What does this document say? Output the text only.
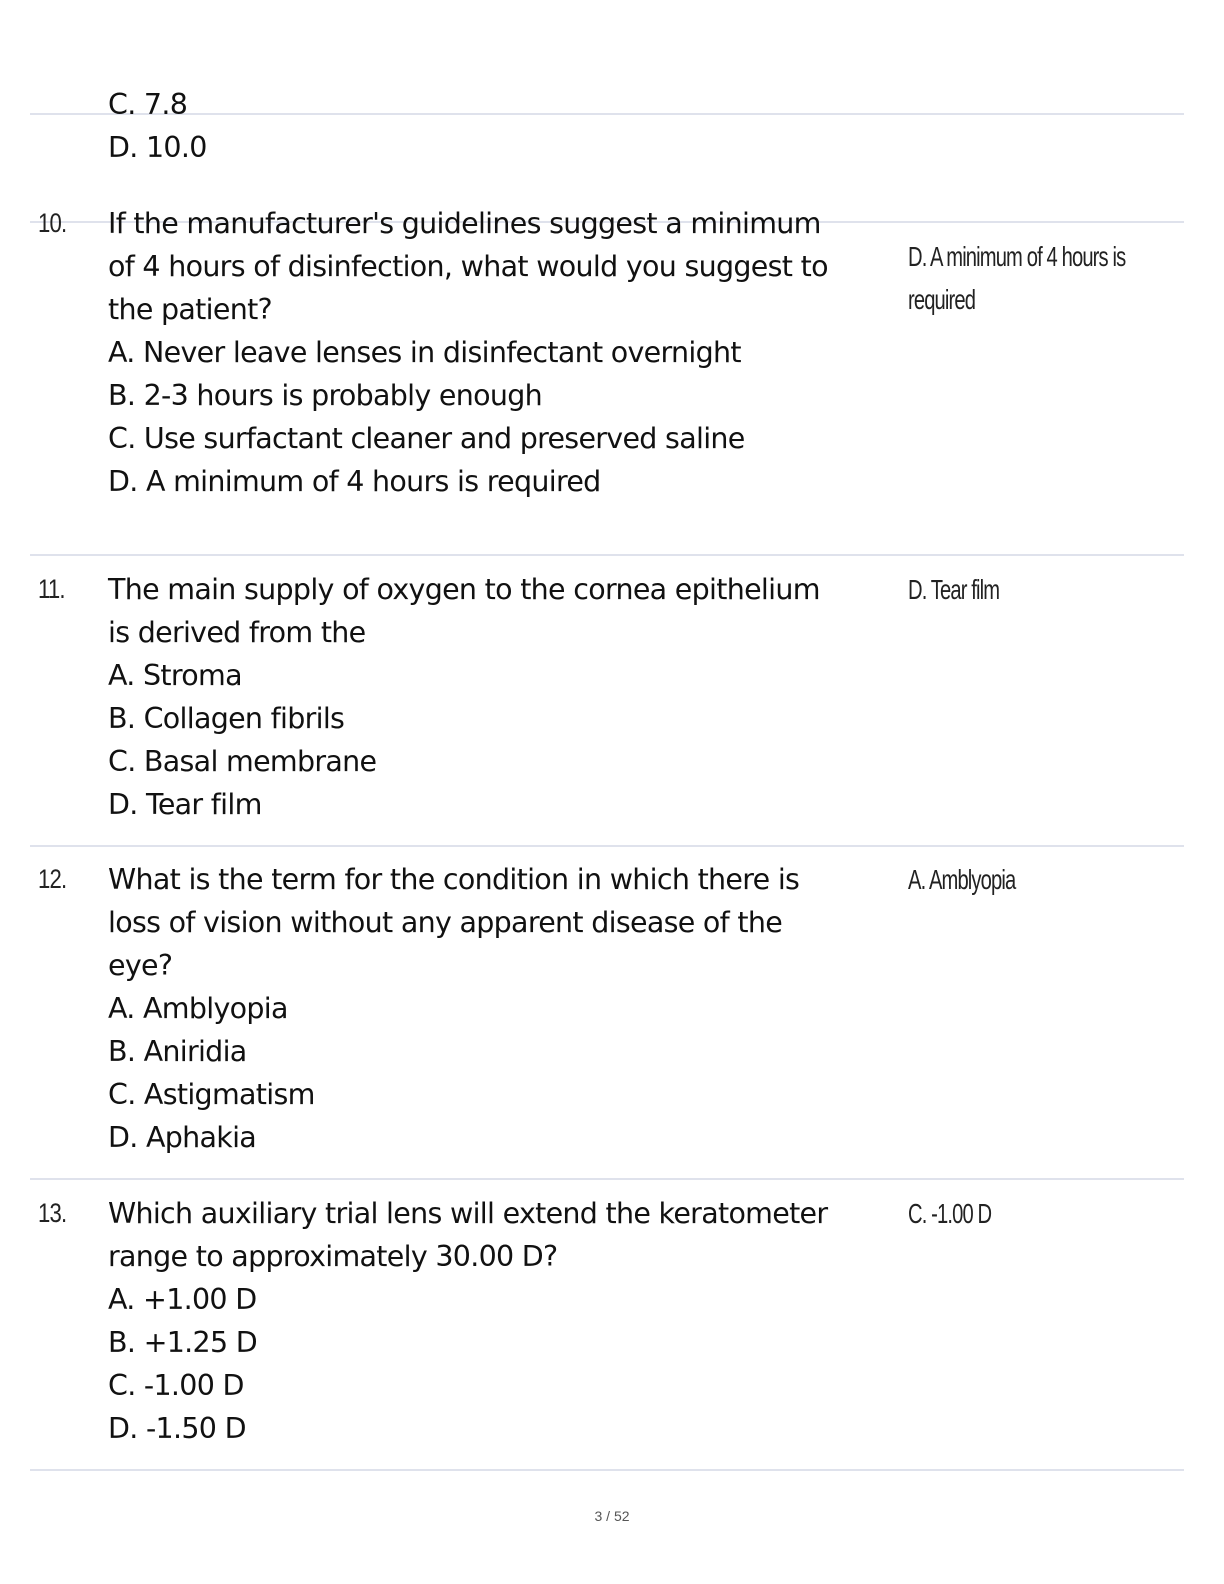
C. 7.8
D. 10.0
10. If the manufacturer's guidelines suggest a minimum
of 4 hours of disinfection, what would you suggest to
the patient?
A. Never leave lenses in disinfectant overnight
B. 2-3 hours is probably enough
C. Use surfactant cleaner and preserved saline
D. A minimum of 4 hours is required
D. A minimum of 4 hours is
required
11. The main supply of oxygen to the cornea epithelium
is derived from the
A. Stroma
B. Collagen fibrils
C. Basal membrane
D. Tear film
D. Tear film
12. What is the term for the condition in which there is
loss of vision without any apparent disease of the
eye?
A. Amblyopia
B. Aniridia
C. Astigmatism
D. Aphakia
A. Amblyopia
13. Which auxiliary trial lens will extend the keratometer
range to approximately 30.00 D?
A. +1.00 D
B. +1.25 D
C. -1.00 D
D. -1.50 D
C. -1.00 D
3 / 52
